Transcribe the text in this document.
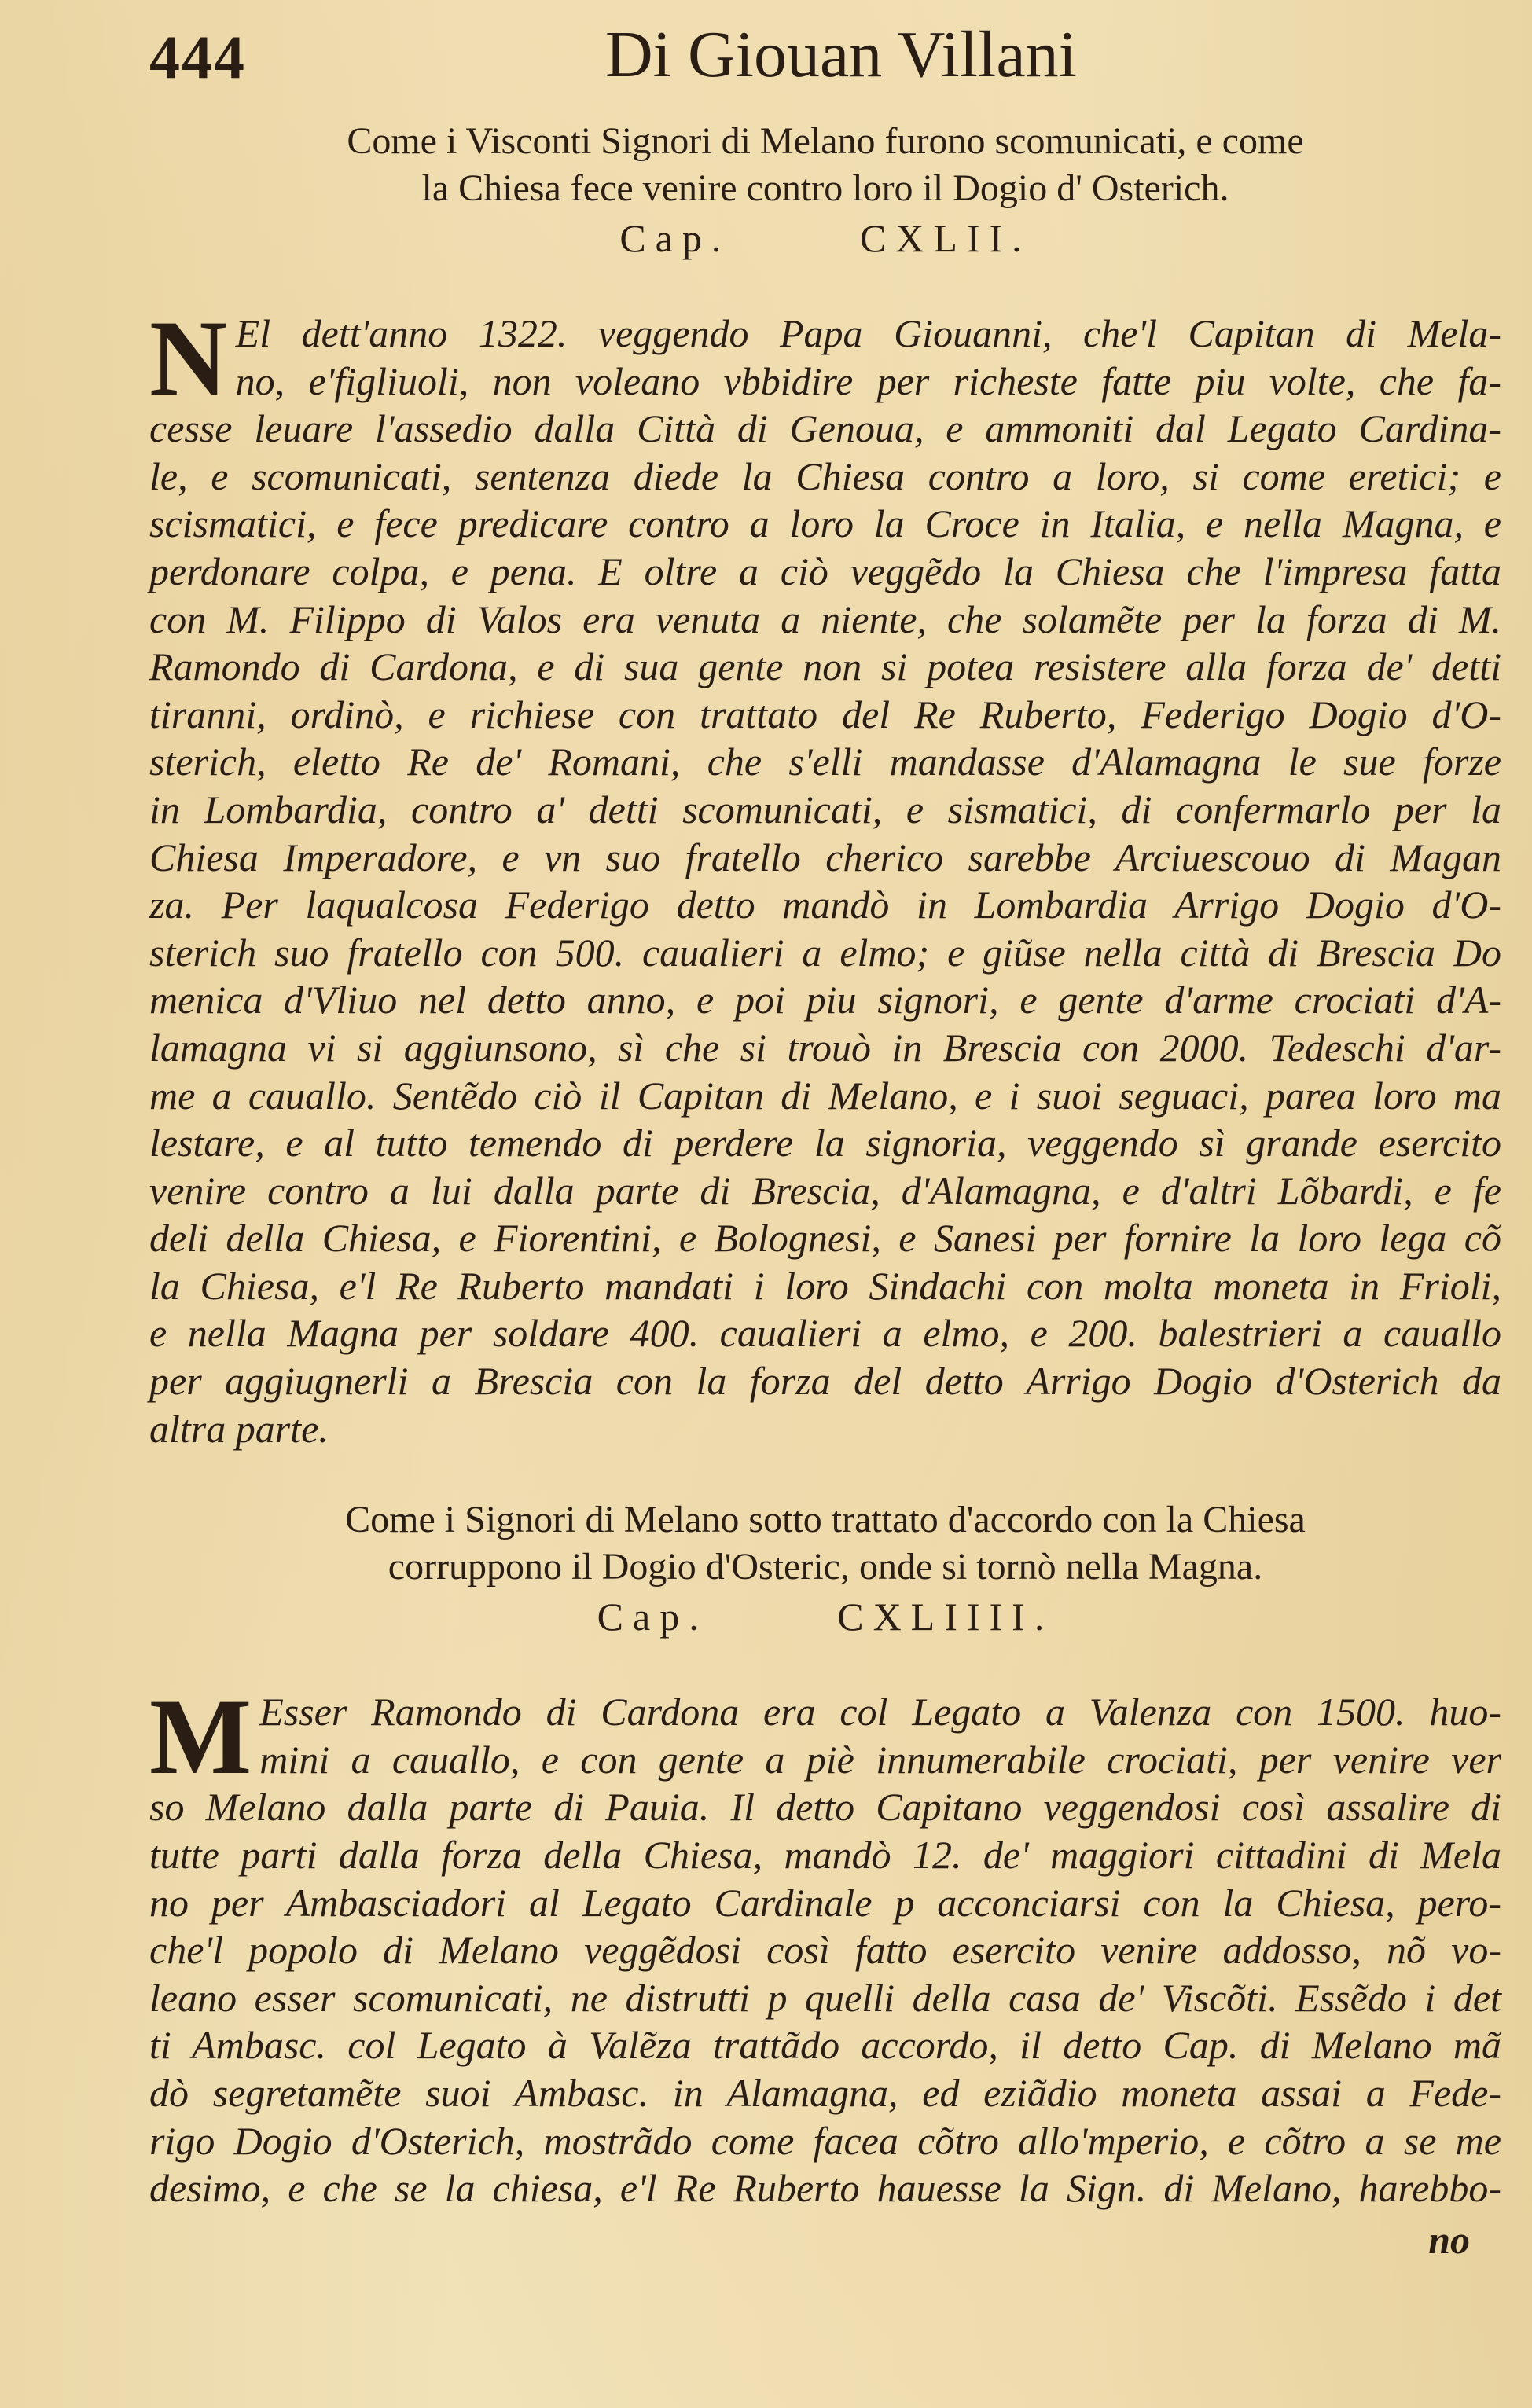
444	Di Giouan Villani
Come i Visconti Signori di Melano furono scomunicati, e come
la Chiesa fece venire contro loro il Dogio d' Osterich.
Cap.	CXLII.
N El dett'anno 1322. veggendo Papa Giouanni, che'l Capitan di Mela-
no, e'figliuoli, non voleano vbbidire per richeste fatte piu volte, che fa-
cesse leuare l'assedio dalla Città di Genoua, e ammoniti dal Legato Cardina-
le, e scomunicati, sentenza diede la Chiesa contro a loro, si come eretici; e
scismatici, e fece predicare contro a loro la Croce in Italia, e nella Magna, e
perdonare colpa, e pena. E oltre a ciò veggẽdo la Chiesa che l'impresa fatta
con M. Filippo di Valos era venuta a niente, che solamẽte per la forza di M.
Ramondo di Cardona, e di sua gente non si potea resistere alla forza de' detti
tiranni, ordinò, e richiese con trattato del Re Ruberto, Federigo Dogio d'O-
sterich, eletto Re de' Romani, che s'elli mandasse d'Alamagna le sue forze
in Lombardia, contro a' detti scomunicati, e sismatici, di confermarlo per la
Chiesa Imperadore, e vn suo fratello cherico sarebbe Arciuescouo di Magan
za. Per laqualcosa Federigo detto mandò in Lombardia Arrigo Dogio d'O-
sterich suo fratello con 500. caualieri a elmo; e giũse nella città di Brescia Do
menica d'Vliuo nel detto anno, e poi piu signori, e gente d'arme crociati d'A-
lamagna vi si aggiunsono, sì che si trouò in Brescia con 2000. Tedeschi d'ar-
me a cauallo. Sentẽdo ciò il Capitan di Melano, e i suoi seguaci, parea loro ma
lestare, e al tutto temendo di perdere la signoria, veggendo sì grande esercito
venire contro a lui dalla parte di Brescia, d'Alamagna, e d'altri Lõbardi, e fe
deli della Chiesa, e Fiorentini, e Bolognesi, e Sanesi per fornire la loro lega cõ
la Chiesa, e'l Re Ruberto mandati i loro Sindachi con molta moneta in Frioli,
e nella Magna per soldare 400. caualieri a elmo, e 200. balestrieri a cauallo
per aggiugnerli a Brescia con la forza del detto Arrigo Dogio d'Osterich da
altra parte.
Come i Signori di Melano sotto trattato d'accordo con la Chiesa
corruppono il Dogio d'Osteric, onde si tornò nella Magna.
Cap.	CXLIIII.
M Esser Ramondo di Cardona era col Legato a Valenza con 1500. huo-
mini a cauallo, e con gente a piè innumerabile crociati, per venire ver
so Melano dalla parte di Pauia. Il detto Capitano veggendosi così assalire di
tutte parti dalla forza della Chiesa, mandò 12. de' maggiori cittadini di Mela
no per Ambasciadori al Legato Cardinale p acconciarsi con la Chiesa, pero-
che'l popolo di Melano veggẽdosi così fatto esercito venire addosso, nõ vo-
leano esser scomunicati, ne distrutti p quelli della casa de' Viscõti. Essẽdo i det
ti Ambasc. col Legato à Valẽza trattãdo accordo, il detto Cap. di Melano mã
dò segretamẽte suoi Ambasc. in Alamagna, ed eziãdio moneta assai a Fede-
rigo Dogio d'Osterich, mostrãdo come facea cõtro allo'mperio, e cõtro a se me
desimo, e che se la chiesa, e'l Re Ruberto hauesse la Sign. di Melano, harebbo-
no
